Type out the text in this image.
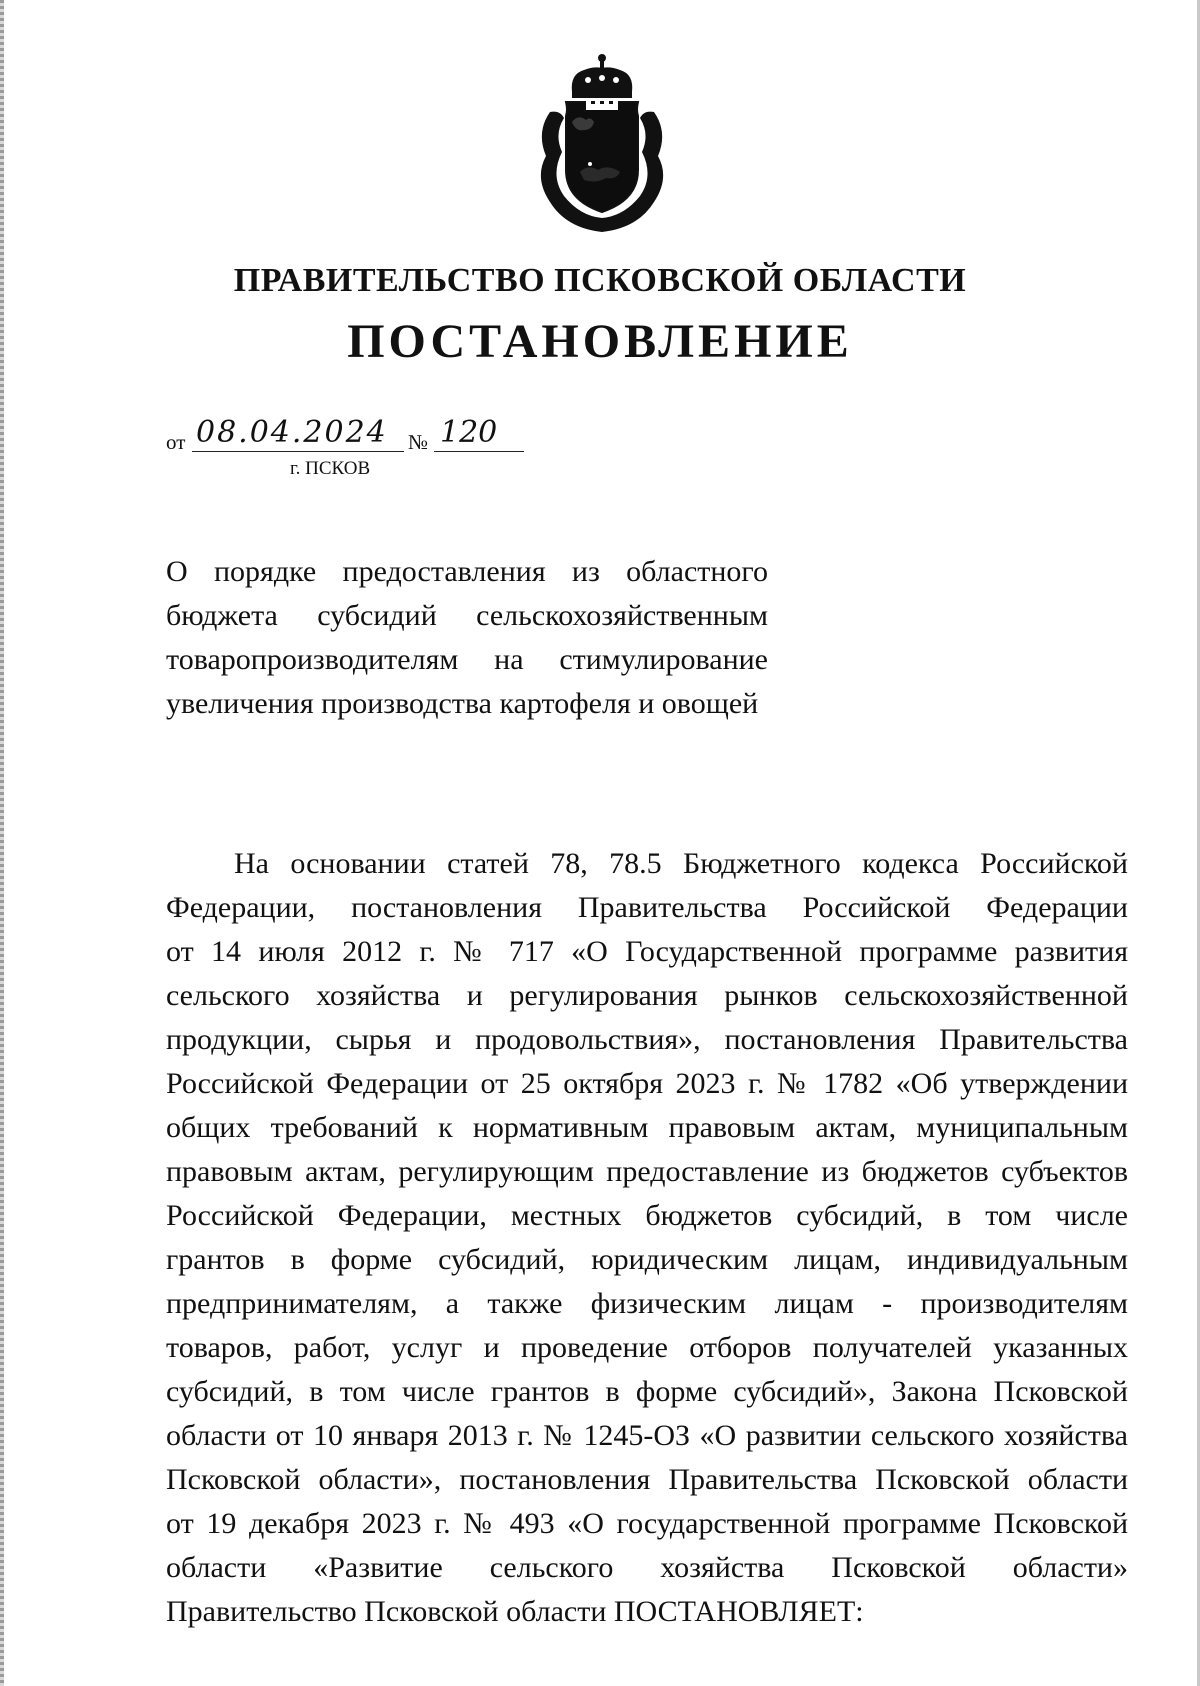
ПРАВИТЕЛЬСТВО ПСКОВСКОЙ ОБЛАСТИ
ПОСТАНОВЛЕНИЕ
от 08.04.2024 № 120
г. ПСКОВ
О порядке предоставления из областного
бюджета субсидий сельскохозяйственным
товаропроизводителям на стимулирование
увеличения производства картофеля и овощей
На основании статей 78, 78.5 Бюджетного кодекса Российской
Федерации, постановления Правительства Российской Федерации
от 14 июля 2012 г. № 717 «О Государственной программе развития
сельского хозяйства и регулирования рынков сельскохозяйственной
продукции, сырья и продовольствия», постановления Правительства
Российской Федерации от 25 октября 2023 г. № 1782 «Об утверждении
общих требований к нормативным правовым актам, муниципальным
правовым актам, регулирующим предоставление из бюджетов субъектов
Российской Федерации, местных бюджетов субсидий, в том числе
грантов в форме субсидий, юридическим лицам, индивидуальным
предпринимателям, а также физическим лицам - производителям
товаров, работ, услуг и проведение отборов получателей указанных
субсидий, в том числе грантов в форме субсидий», Закона Псковской
области от 10 января 2013 г. № 1245-ОЗ «О развитии сельского хозяйства
Псковской области», постановления Правительства Псковской области
от 19 декабря 2023 г. № 493 «О государственной программе Псковской
области «Развитие сельского хозяйства Псковской области»
Правительство Псковской области ПОСТАНОВЛЯЕТ:
